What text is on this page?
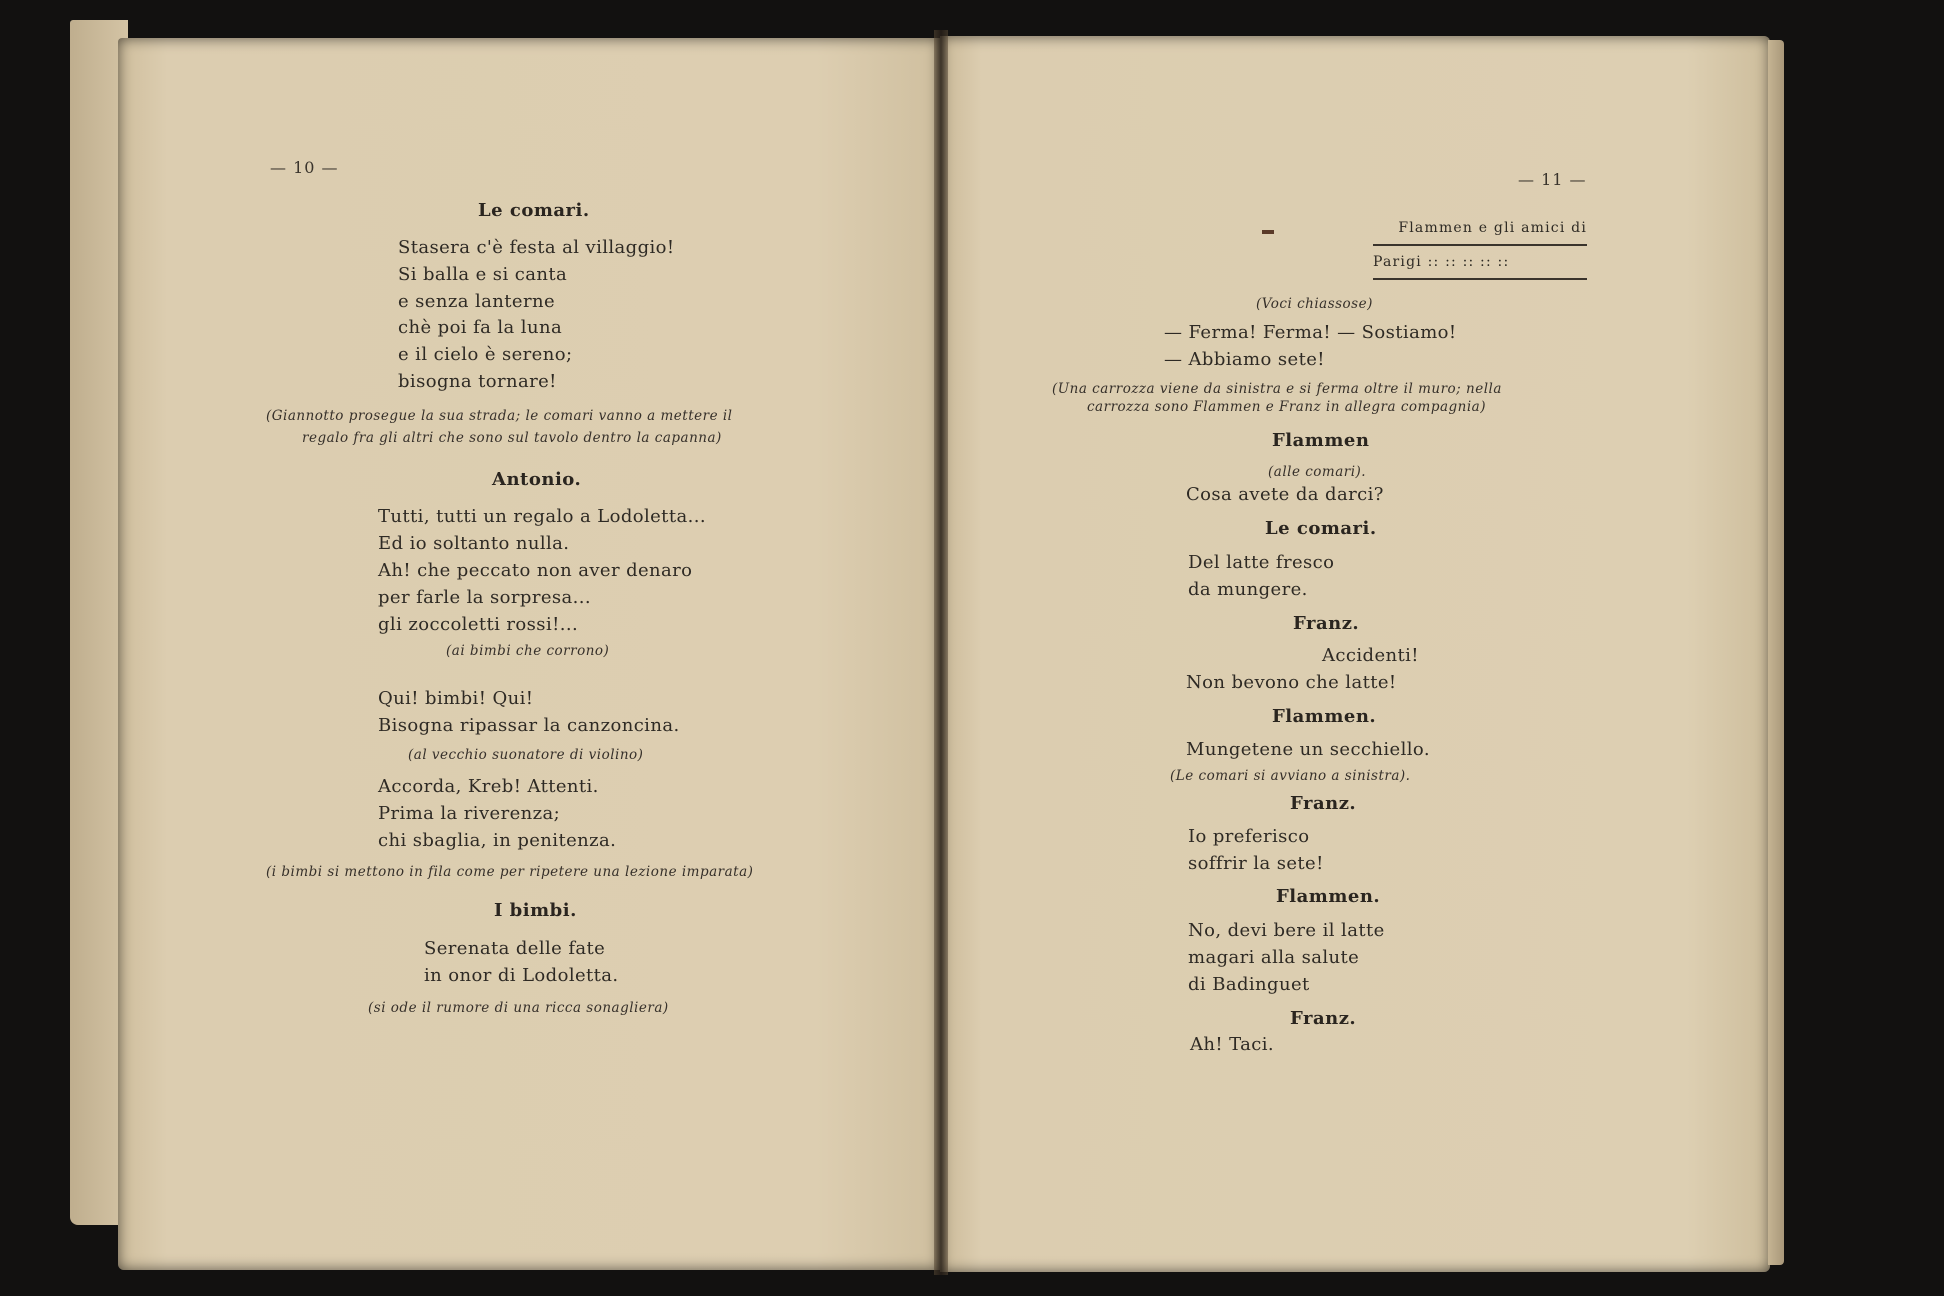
— 10 —
Le comari.
Stasera c'è festa al villaggio!
Si balla e si canta
e senza lanterne
chè poi fa la luna
e il cielo è sereno;
bisogna tornare!
(Giannotto prosegue la sua strada; le comari vanno a mettere il
regalo fra gli altri che sono sul tavolo dentro la capanna)
Antonio.
Tutti, tutti un regalo a Lodoletta...
Ed io soltanto nulla.
Ah! che peccato non aver denaro
per farle la sorpresa...
gli zoccoletti rossi!...
(ai bimbi che corrono)
Qui! bimbi! Qui!
Bisogna ripassar la canzoncina.
(al vecchio suonatore di violino)
Accorda, Kreb! Attenti.
Prima la riverenza;
chi sbaglia, in penitenza.
(i bimbi si mettono in fila come per ripetere una lezione imparata)
I bimbi.
Serenata delle fate
in onor di Lodoletta.
(si ode il rumore di una ricca sonagliera)
— 11 —
Flammen e gli amici di
Parigi :: :: :: :: ::
(Voci chiassose)
— Ferma! Ferma! — Sostiamo!
— Abbiamo sete!
(Una carrozza viene da sinistra e si ferma oltre il muro; nella
carrozza sono Flammen e Franz in allegra compagnia)
Flammen
(alle comari).
Cosa avete da darci?
Le comari.
Del latte fresco
da mungere.
Franz.
Accidenti!
Non bevono che latte!
Flammen.
Mungetene un secchiello.
(Le comari si avviano a sinistra).
Franz.
Io preferisco
soffrir la sete!
Flammen.
No, devi bere il latte
magari alla salute
di Badinguet
Franz.
Ah! Taci.
